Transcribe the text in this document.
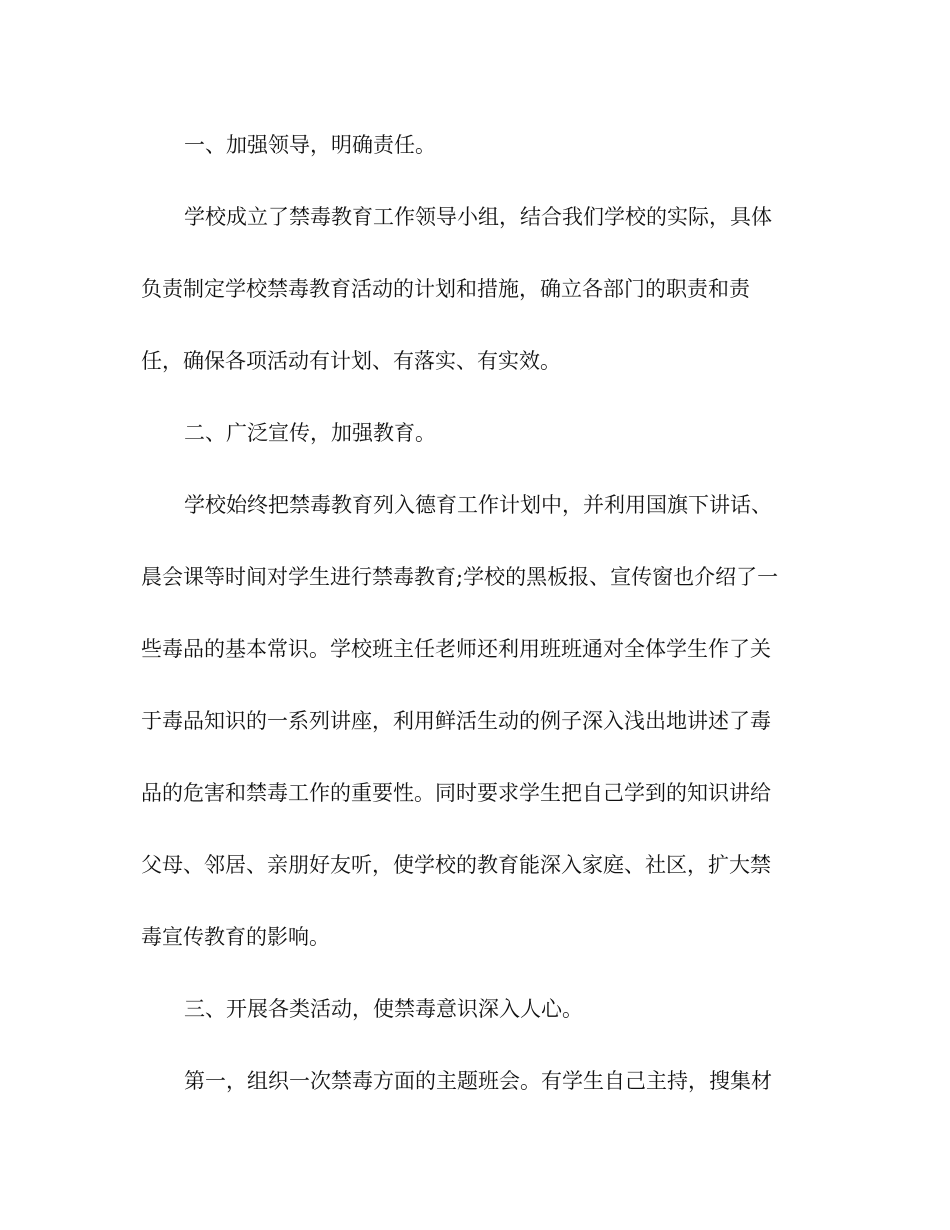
一、加强领导，明确责任。

学校成立了禁毒教育工作领导小组，结合我们学校的实际，具体

负责制定学校禁毒教育活动的计划和措施，确立各部门的职责和责

任，确保各项活动有计划、有落实、有实效。

二、广泛宣传，加强教育。

学校始终把禁毒教育列入德育工作计划中，并利用国旗下讲话、

晨会课等时间对学生进行禁毒教育;学校的黑板报、宣传窗也介绍了一

些毒品的基本常识。学校班主任老师还利用班班通对全体学生作了关

于毒品知识的一系列讲座，利用鲜活生动的例子深入浅出地讲述了毒

品的危害和禁毒工作的重要性。同时要求学生把自己学到的知识讲给

父母、邻居、亲朋好友听，使学校的教育能深入家庭、社区，扩大禁

毒宣传教育的影响。

三、开展各类活动，使禁毒意识深入人心。

第一，组织一次禁毒方面的主题班会。有学生自己主持，搜集材
